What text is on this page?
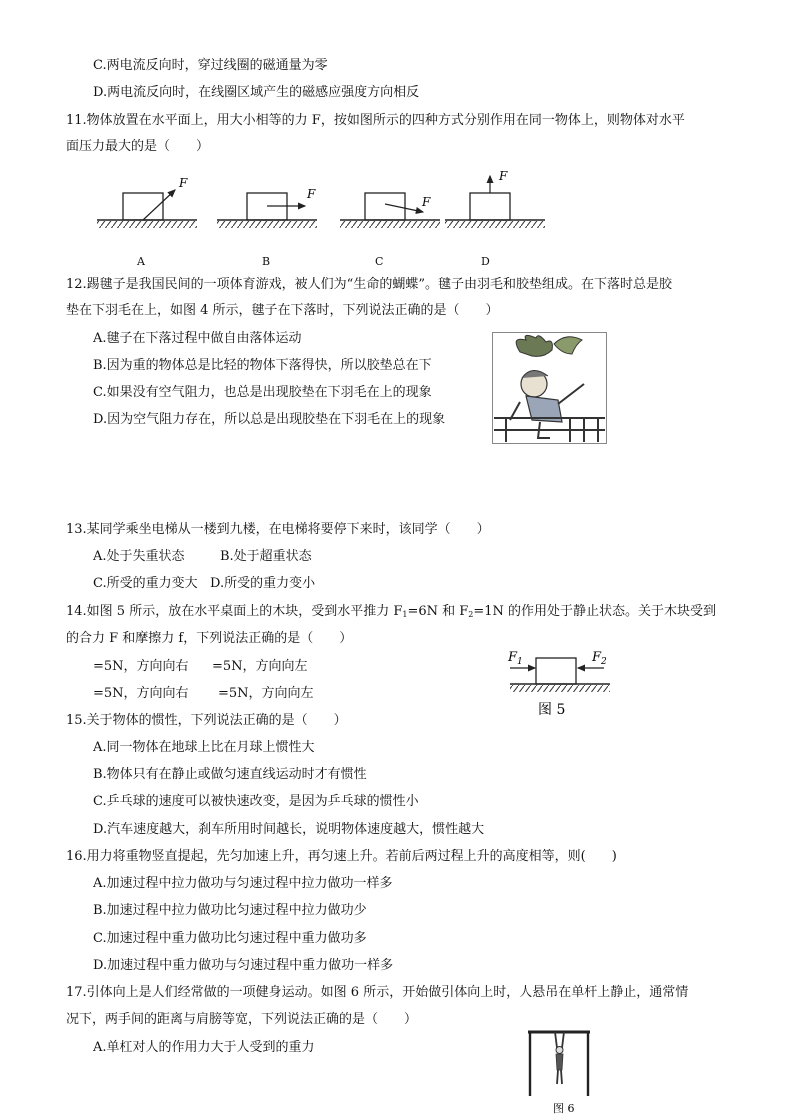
C.两电流反向时，穿过线圈的磁通量为零
D.两电流反向时，在线圈区域产生的磁感应强度方向相反
11.物体放置在水平面上，用大小相等的力 F，按如图所示的四种方式分别作用在同一物体上，则物体对水平
面压力最大的是（　　）
F
F
F
F
A	B	C	D
12.踢毽子是我国民间的一项体育游戏，被人们为“生命的蝴蝶”。毽子由羽毛和胶垫组成。在下落时总是胶
垫在下羽毛在上，如图 4 所示，毽子在下落时，下列说法正确的是（　　）
A.毽子在下落过程中做自由落体运动
B.因为重的物体总是比轻的物体下落得快，所以胶垫总在下
C.如果没有空气阻力，也总是出现胶垫在下羽毛在上的现象
D.因为空气阻力存在，所以总是出现胶垫在下羽毛在上的现象
13.某同学乘坐电梯从一楼到九楼，在电梯将要停下来时，该同学（　　）
A.处于失重状态	B.处于超重状态
C.所受的重力变大 D.所受的重力变小
14.如图 5 所示，放在水平桌面上的木块，受到水平推力 $F_1=6N$ 和 $F_2=1N$ 的作用处于静止状态。关于木块受到
的合力 F 和摩擦力 f，下列说法正确的是（　　）
=5N，方向向右 =5N，方向向左
=5N，方向向右 =5N，方向向左
$F_1$	$F_2$
图 5
15.关于物体的惯性，下列说法正确的是（　　）
A.同一物体在地球上比在月球上惯性大
B.物体只有在静止或做匀速直线运动时才有惯性
C.乒乓球的速度可以被快速改变，是因为乒乓球的惯性小
D.汽车速度越大，刹车所用时间越长，说明物体速度越大，惯性越大
16.用力将重物竖直提起，先匀加速上升，再匀速上升。若前后两过程上升的高度相等，则(　　)
A.加速过程中拉力做功与匀速过程中拉力做功一样多
B.加速过程中拉力做功比匀速过程中拉力做功少
C.加速过程中重力做功比匀速过程中重力做功多
D.加速过程中重力做功与匀速过程中重力做功一样多
17.引体向上是人们经常做的一项健身运动。如图 6 所示，开始做引体向上时，人悬吊在单杆上静止，通常情
况下，两手间的距离与肩膀等宽，下列说法正确的是（　　）
A.单杠对人的作用力大于人受到的重力
图 6
